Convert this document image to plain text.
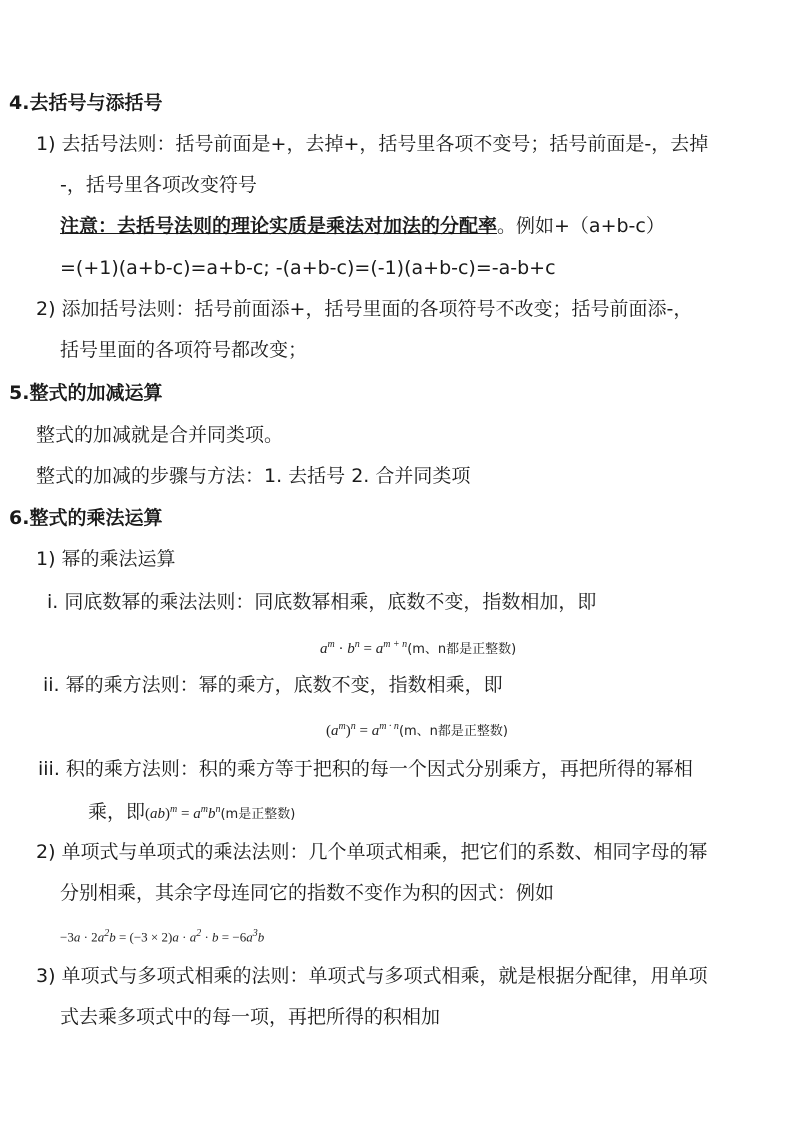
4.去括号与添括号
1) 去括号法则：括号前面是+，去掉+，括号里各项不变号；括号前面是-，去掉
-，括号里各项改变符号
注意：去括号法则的理论实质是乘法对加法的分配率。例如+（a+b-c）
=(+1)(a+b-c)=a+b-c; -(a+b-c)=(-1)(a+b-c)=-a-b+c
2) 添加括号法则：括号前面添+，括号里面的各项符号不改变；括号前面添-，
括号里面的各项符号都改变；
5.整式的加减运算
整式的加减就是合并同类项。
整式的加减的步骤与方法：1. 去括号 2. 合并同类项
6.整式的乘法运算
1) 幂的乘法运算
i. 同底数幂的乘法法则：同底数幂相乘，底数不变，指数相加，即
$a^m \cdot b^n = a^{m + n}(m$、n都是正整数)
ii. 幂的乘方法则：幂的乘方，底数不变，指数相乘，即
$(a^m)^n = a^{m \cdot n}(m$、n都是正整数)
iii. 积的乘方法则：积的乘方等于把积的每一个因式分别乘方，再把所得的幂相
乘，即$(ab)^m = a^mb^n(m$是正整数)
2) 单项式与单项式的乘法法则：几个单项式相乘，把它们的系数、相同字母的幂
分别相乘，其余字母连同它的指数不变作为积的因式：例如
$-3a \cdot 2a^2b = (-3 \times 2)a \cdot a^2 \cdot b = -6a^3b$
3) 单项式与多项式相乘的法则：单项式与多项式相乘，就是根据分配律，用单项
式去乘多项式中的每一项，再把所得的积相加
